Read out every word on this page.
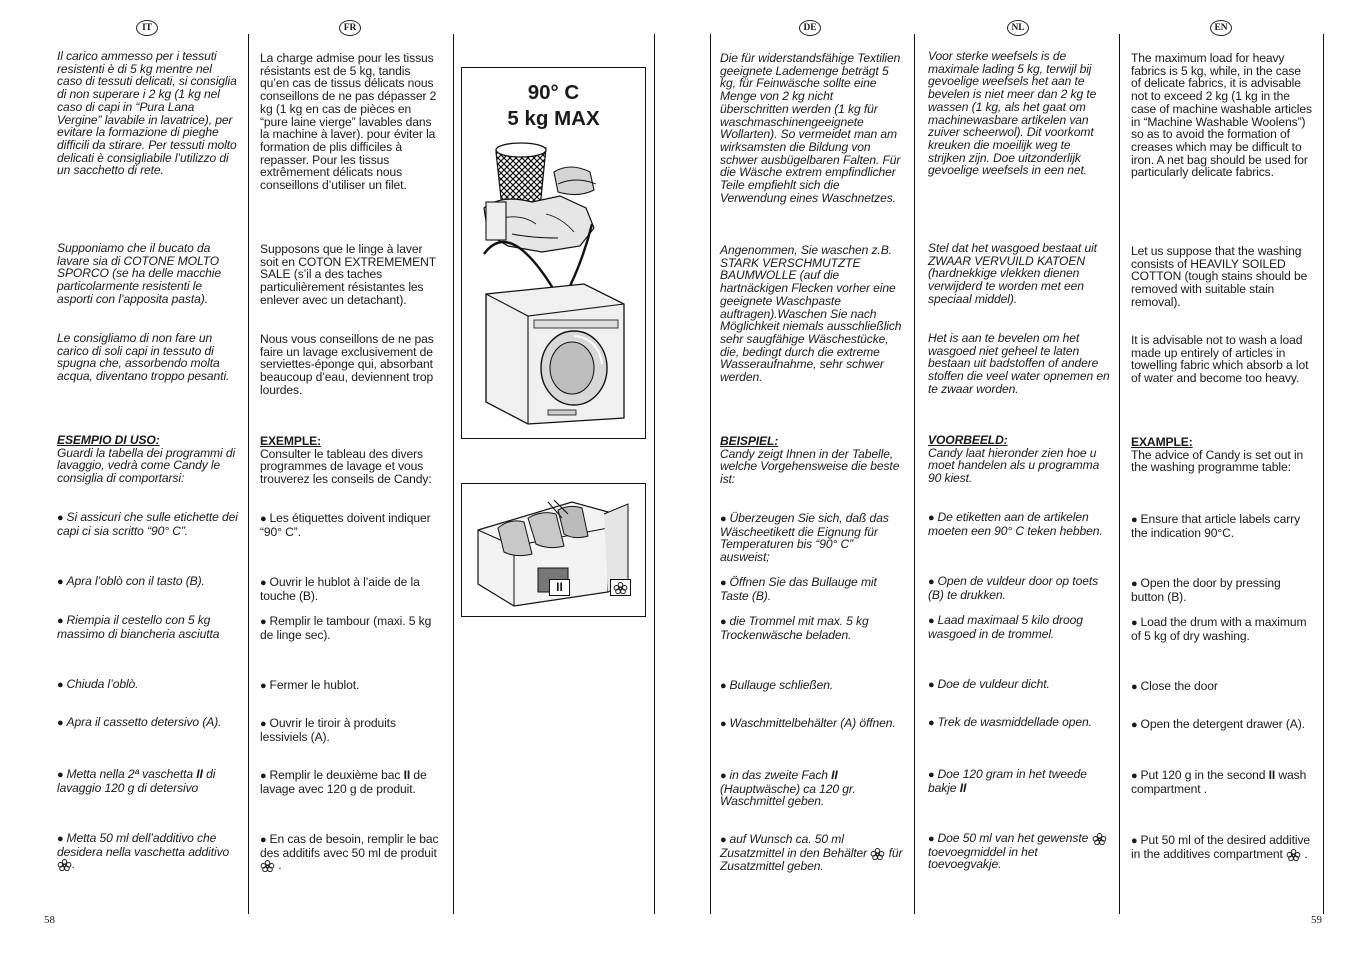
IT
Il carico ammesso per i tessuti resistenti è di 5 kg mentre nel caso di tessuti delicati, si consiglia di non superare i 2 kg (1 kg nel caso di capi in “Pura Lana Vergine” lavabile in lavatrice), per evitare la formazione di pieghe difficili da stirare. Per tessuti molto delicati è consigliabile l’utilizzo di un sacchetto di rete.
Supponiamo che il bucato da lavare sia di COTONE MOLTO SPORCO (se ha delle macchie particolarmente resistenti le asporti con l’apposita pasta).
Le consigliamo di non fare un carico di soli capi in tessuto di spugna che, assorbendo molta acqua, diventano troppo pesanti.
ESEMPIO DI USO:
Guardi la tabella dei programmi di lavaggio, vedrà come Candy le consiglia di comportarsi:
● Si assicuri che sulle etichette dei capi ci sia scritto “90° C”.
● Apra l’oblò con il tasto (B).
● Riempia il cestello con 5 kg massimo di biancheria asciutta
● Chiuda l’oblò.
● Apra il cassetto detersivo (A).
● Metta nella 2ª vaschetta II di lavaggio 120 g di detersivo
● Metta 50 ml dell’additivo che desidera nella vaschetta additivo .
FR
La charge admise pour les tissus résistants est de 5 kg, tandis qu’en cas de tissus délicats nous conseillons de ne pas dépasser 2 kg (1 kg en cas de pièces en “pure laine vierge” lavables dans la machine à laver). pour éviter la formation de plis difficiles à repasser. Pour les tissus extrêmement délicats nous conseillons d’utiliser un filet.
Supposons que le linge à laver soit en COTON EXTREMEMENT SALE (s’il a des taches particulièrement résistantes les enlever avec un detachant).
Nous vous conseillons de ne pas faire un lavage exclusivement de serviettes-éponge qui, absorbant beaucoup d’eau, deviennent trop lourdes.
EXEMPLE:
Consulter le tableau des divers programmes de lavage et vous trouverez les conseils de Candy:
● Les étiquettes doivent indiquer “90° C”.
● Ouvrir le hublot à l’aide de la touche (B).
● Remplir le tambour (maxi. 5 kg de linge sec).
● Fermer le hublot.
● Ouvrir le tiroir à produits lessiviels (A).
● Remplir le deuxième bac II de lavage avec 120 g de produit.
● En cas de besoin, remplir le bac des additifs avec 50 ml de produit  .
90° C
5 kg MAX
II
DE
Die für widerstandsfähige Textilien geeignete Lademenge beträgt 5 kg, für Feinwäsche sollte eine Menge von 2 kg nicht überschritten werden (1 kg für waschmaschinengeeignete Wollarten). So vermeidet man am wirksamsten die Bildung von schwer ausbügelbaren Falten. Für die Wäsche extrem empfindlicher Teile empfiehlt sich die Verwendung eines Waschnetzes.
Angenommen, Sie waschen z.B. STARK VERSCHMUTZTE BAUMWOLLE (auf die hartnäckigen Flecken vorher eine geeignete Waschpaste auftragen).Waschen Sie nach Möglichkeit niemals ausschließlich sehr saugfähige Wäschestücke, die, bedingt durch die extreme Wasseraufnahme, sehr schwer werden.
BEISPIEL:
Candy zeigt Ihnen in der Tabelle, welche Vorgehensweise die beste ist:
● Überzeugen Sie sich, daß das Wäscheetikett die Eignung für Temperaturen bis “90° C” ausweist;
● Öffnen Sie das Bullauge mit Taste (B).
● die Trommel mit max. 5 kg Trockenwäsche beladen.
● Bullauge schließen.
● Waschmittelbehälter (A) öffnen.
● in das zweite Fach II (Hauptwäsche) ca 120 gr. Waschmittel geben.
● auf Wunsch ca. 50 ml Zusatzmittel in den Behälter für Zusatzmittel geben.
NL
Voor sterke weefsels is de maximale lading 5 kg, terwijl bij gevoelige weefsels het aan te bevelen is niet meer dan 2 kg te wassen (1 kg, als het gaat om machinewasbare artikelen van zuiver scheerwol). Dit voorkomt kreuken die moeilijk weg te strijken zijn. Doe uitzonderlijk gevoelige weefsels in een net.
Stel dat het wasgoed bestaat uit ZWAAR VERVUILD KATOEN (hardnekkige vlekken dienen verwijderd te worden met een speciaal middel).
Het is aan te bevelen om het wasgoed niet geheel te laten bestaan uit badstoffen of andere stoffen die veel water opnemen en te zwaar worden.
VOORBEELD:
Candy laat hieronder zien hoe u moet handelen als u programma 90 kiest.
● De etiketten aan de artikelen moeten een 90° C teken hebben.
● Open de vuldeur door op toets (B) te drukken.
● Laad maximaal 5 kilo droog wasgoed in de trommel.
● Doe de vuldeur dicht.
● Trek de wasmiddellade open.
● Doe 120 gram in het tweede bakje II
● Doe 50 ml van het gewenste
toevoegmiddel in het toevoegvakje.
EN
The maximum load for heavy fabrics is 5 kg, while, in the case of delicate fabrics, it is advisable not to exceed 2 kg (1 kg in the case of machine washable articles in “Machine Washable Woolens”) so as to avoid the formation of creases which may be difficult to iron. A net bag should be used for particularly delicate fabrics.
Let us suppose that the washing consists of HEAVILY SOILED COTTON (tough stains should be removed with suitable stain removal).
It is advisable not to wash a load made up entirely of articles in towelling fabric which absorb a lot of water and become too heavy.
EXAMPLE:
The advice of Candy is set out in the washing programme table:
● Ensure that article labels carry the indication 90°C.
● Open the door by pressing button (B).
● Load the drum with a maximum of 5 kg of dry washing.
● Close the door
● Open the detergent drawer (A).
● Put 120 g in the second II wash compartment .
● Put 50 ml of the desired additive in the additives compartment .
58	59
